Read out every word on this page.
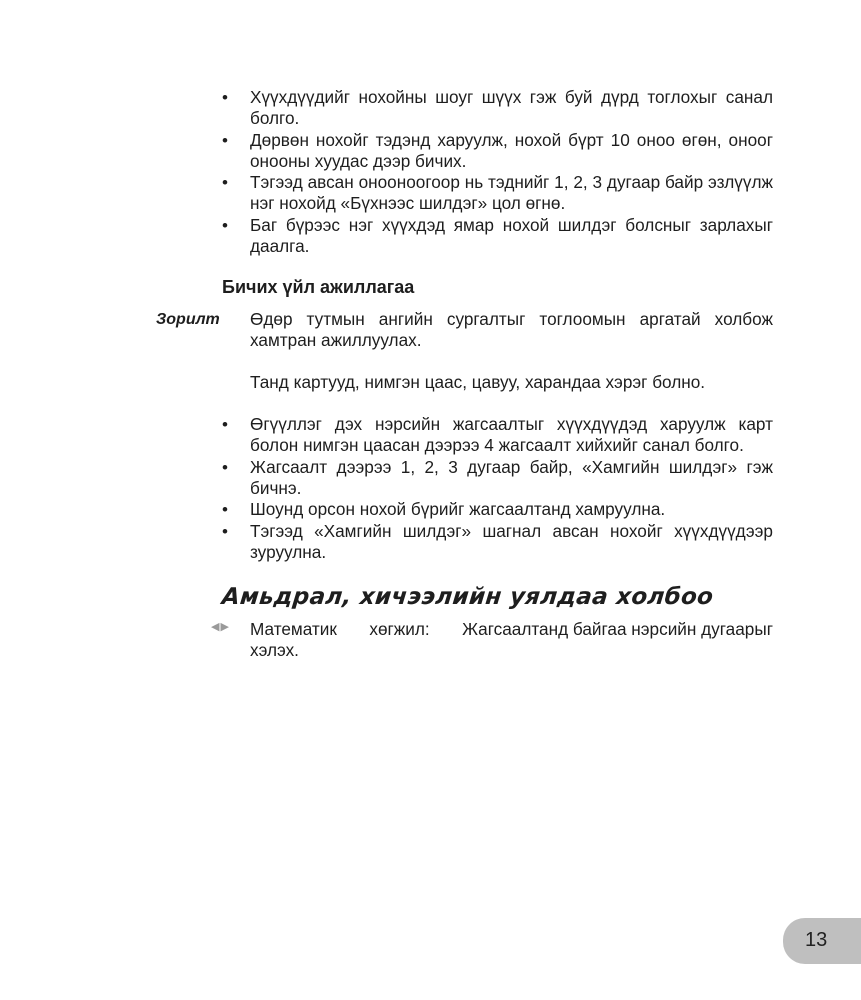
•	Хүүхдүүдийг нохойны шоуг шүүх гэж буй дүрд тоглохыг санал болго.
•	Дөрвөн нохойг тэдэнд харуулж, нохой бүрт 10 оноо өгөн, оноог онооны хуудас дээр бичих.
•	Тэгээд авсан онооноогоор нь тэднийг 1, 2, 3 дугаар байр эзлүүлж нэг нохойд «Бүхнээс шилдэг» цол өгнө.
•	Баг бүрээс нэг хүүхдэд ямар нохой шилдэг болсныг зарлахыг даалга.
Бичих үйл ажиллагаа
Зорилт Өдөр тутмын ангийн сургалтыг тоглоомын аргатай холбож хамтран ажиллуулах.
Танд картууд, нимгэн цаас, цавуу, харандаа хэрэг болно.
•	Өгүүллэг дэх нэрсийн жагсаалтыг хүүхдүүдэд харуулж карт болон нимгэн цаасан дээрээ 4 жагсаалт хийхийг санал болго.
•	Жагсаалт дээрээ 1, 2, 3 дугаар байр, «Хамгийн шилдэг» гэж бичнэ.
•	Шоунд орсон нохой бүрийг жагсаалтанд хамруулна.
•	Тэгээд «Хамгийн шилдэг» шагнал авсан нохойг хүүхдүүдээр зуруулна.
Амьдрал, хичээлийн уялдаа холбоо
◀▶ Математик хөгжил: Жагсаалтанд байгаа нэрсийн дугаарыг
хэлэх.
13
